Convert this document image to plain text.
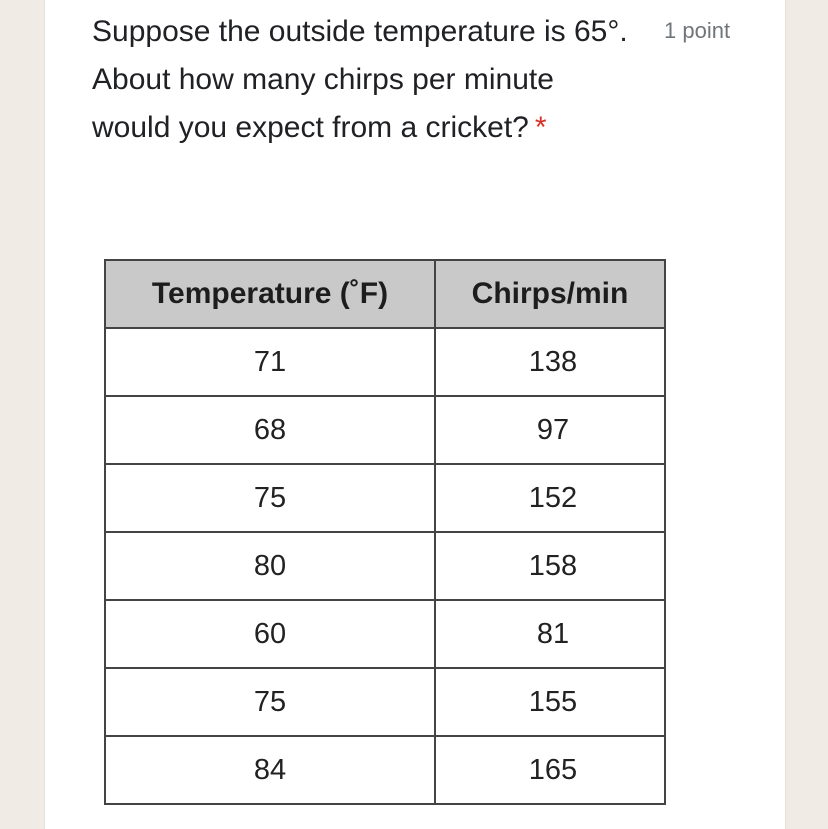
Suppose the outside temperature is 65°. About how many chirps per minute would you expect from a cricket? *
1 point
Temperature (˚F)	Chirps/min
71	138
68	97
75	152
80	158
60	81
75	155
84	165
